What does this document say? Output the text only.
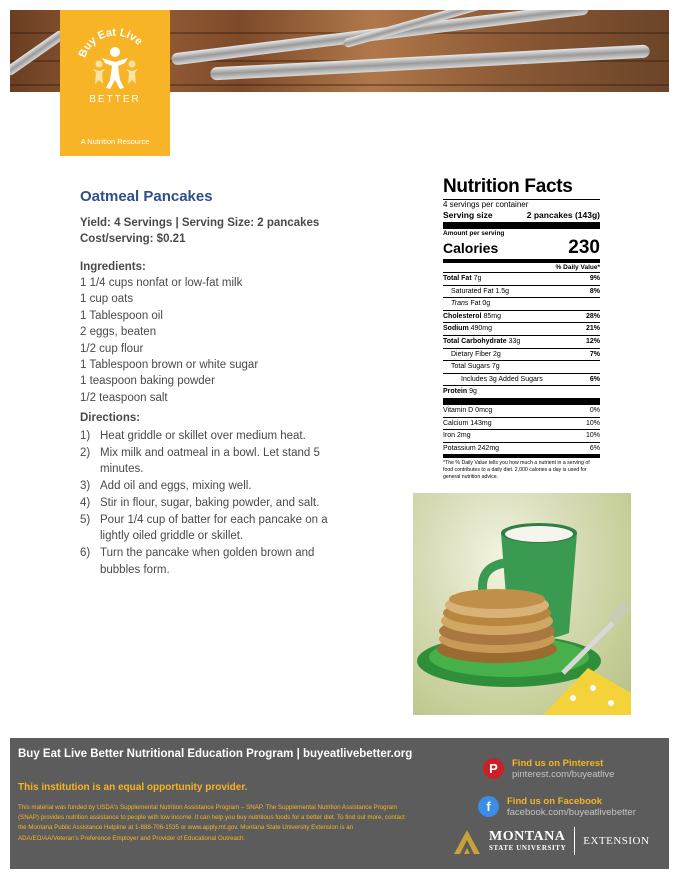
Buy Eat Live
BETTER
A Nutrition Resource
Oatmeal Pancakes
Yield: 4 Servings | Serving Size: 2 pancakes
Cost/serving: $0.21
Ingredients:
1 1/4 cups nonfat or low-fat milk
1 cup oats
1 Tablespoon oil
2 eggs, beaten
1/2 cup flour
1 Tablespoon brown or white sugar
1 teaspoon baking powder
1/2 teaspoon salt
Directions:
1) Heat griddle or skillet over medium heat.
2) Mix milk and oatmeal in a bowl. Let stand 5 minutes.
3) Add oil and eggs, mixing well.
4) Stir in flour, sugar, baking powder, and salt.
5) Pour 1/4 cup of batter for each pancake on a lightly oiled griddle or skillet.
6) Turn the pancake when golden brown and bubbles form.
Nutrition Facts
4 servings per container
Serving size	2 pancakes (143g)
Amount per serving
Calories	230
% Daily Value*
Total Fat 7g	9%
Saturated Fat 1.5g	8%
Trans Fat 0g
Cholesterol 85mg	28%
Sodium 490mg	21%
Total Carbohydrate 33g	12%
Dietary Fiber 2g	7%
Total Sugars 7g
Includes 3g Added Sugars	6%
Protein 9g
Vitamin D 0mcg	0%
Calcium 143mg	10%
Iron 2mg	10%
Potassium 242mg	6%
*The % Daily Value tells you how much a nutrient in a serving of food contributes to a daily diet. 2,000 calories a day is used for general nutrition advice.
Buy Eat Live Better Nutritional Education Program | buyeatlivebetter.org
This institution is an equal opportunity provider.
This material was funded by USDA's Supplemental Nutrition Assistance Program – SNAP. The Supplemental Nutrition Assistance Program (SNAP) provides nutrition assistance to people with low income. It can help you buy nutritious foods for a better diet. To find out more, contact the Montana Public Assistance Helpline at 1-888-706-1535 or www.apply.mt.gov. Montana State University Extension is an ADA/EO/AA/Veteran's Preference Employer and Provider of Educational Outreach.
P	Find us on Pinterest
pinterest.com/buyeatlive
f	Find us on Facebook
facebook.com/buyeatlivebetter
MONTANA
STATE UNIVERSITY
EXTENSION
